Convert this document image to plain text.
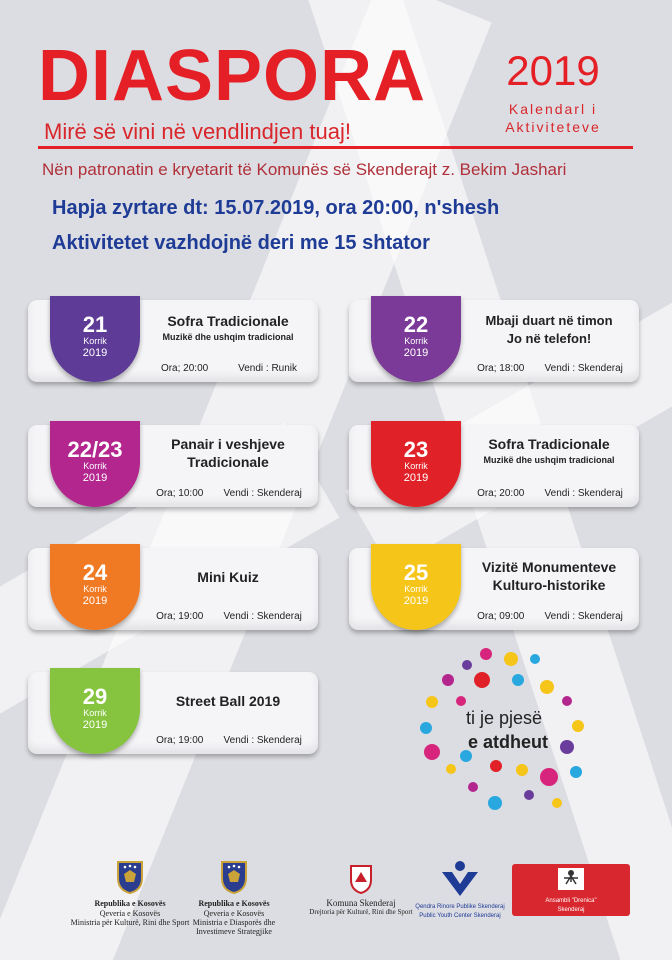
DIASPORA
Mirë së vini në vendlindjen tuaj!
2019
Kalendarl i
Aktiviteteve
Nën patronatin e kryetarit të Komunës së Skenderajt z. Bekim Jashari
Hapja zyrtare dt: 15.07.2019, ora 20:00, n'shesh
Aktivitetet vazhdojnë deri me 15 shtator
21
Korrik
2019
Sofra Tradicionale
Muzikë dhe ushqim tradicional
Ora; 20:00	Vendi : Runik
22
Korrik
2019
Mbaji duart në timon
Jo në telefon!
Ora; 18:00 Vendi : Skenderaj
22/23
Korrik
2019
Panair i veshjeve
Tradicionale
Ora; 10:00 Vendi : Skenderaj
23
Korrik
2019
Sofra Tradicionale
Muzikë dhe ushqim tradicional
Ora; 20:00 Vendi : Skenderaj
24
Korrik
2019
Mini Kuiz
Ora; 19:00 Vendi : Skenderaj
25
Korrik
2019
Vizitë Monumenteve
Kulturo-historike
Ora; 09:00 Vendi : Skenderaj
29
Korrik
2019
Street Ball 2019
Ora; 19:00 Vendi : Skenderaj
ti je pjesë
e atdheut
Republika e Kosovës
Qeveria e Kosovës
Ministria për Kulturë, Rini dhe Sport
Republika e Kosovës
Qeveria e Kosovës
Ministria e Diasporës dhe Investimeve Strategjike
Komuna Skenderaj
Drejtoria për Kulturë, Rini dhe Sport
Qendra Rinore Publike Skenderaj
Public Youth Center Skenderaj
Ansambli "Drenica"
Skenderaj
